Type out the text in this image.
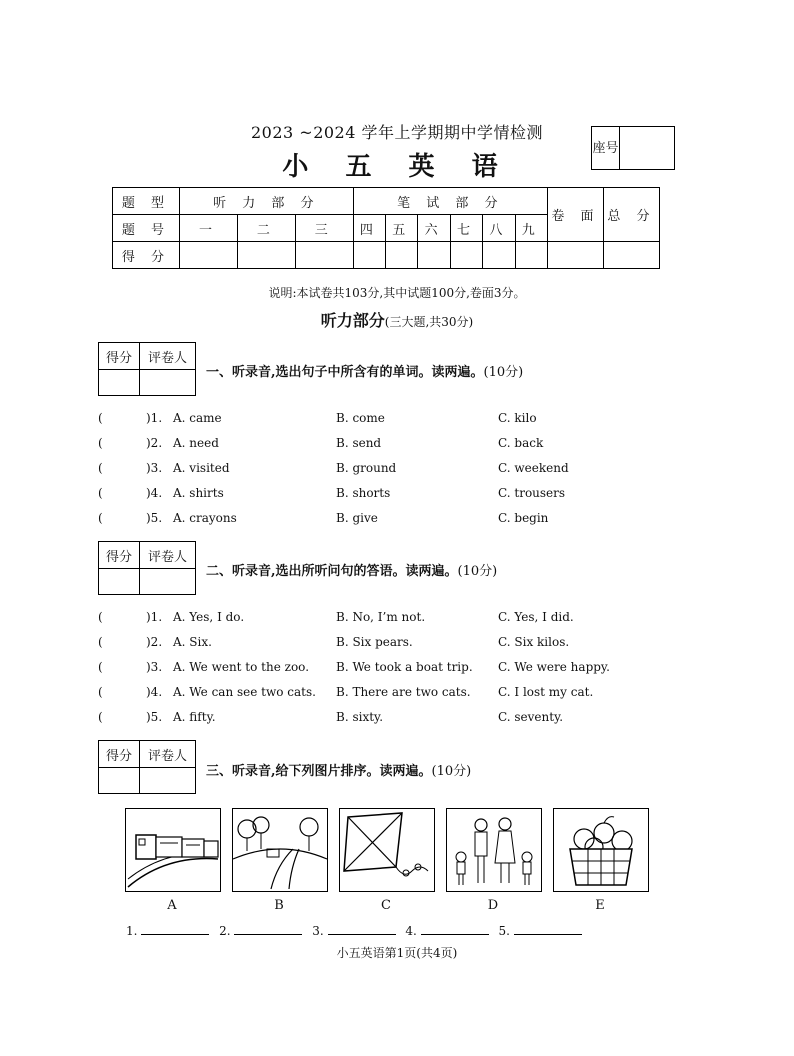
2023 ~2024 学年上学期期中学情检测
小 五 英 语
座号
题 型	听 力 部 分			笔 试 部 分						卷 面	总 分
题 号	一	二	三	四	五	六	七	八	九		
得 分											
说明:本试卷共103分,其中试题100分,卷面3分。
听力部分(三大题,共30分)
得分	评卷人
一、听录音,选出句子中所含有的单词。读两遍。(10分)
(	)1. A. came	B. come	C. kilo
(	)2. A. need	B. send	C. back
(	)3. A. visited	B. ground	C. weekend
(	)4. A. shirts	B. shorts	C. trousers
(	)5. A. crayons	B. give	C. begin
得分	评卷人
二、听录音,选出所听问句的答语。读两遍。(10分)
(	)1. A. Yes, I do.	B. No, I’m not.	C. Yes, I did.
(	)2. A. Six.	B. Six pears.	C. Six kilos.
(	)3. A. We went to the zoo. B. We took a boat trip. C. We were happy.
(	)4. A. We can see two cats. B. There are two cats. C. I lost my cat.
(	)5. A. fifty.	B. sixty.	C. seventy.
得分	评卷人
三、听录音,给下列图片排序。读两遍。(10分)
A	B	C	D	E
1.	2.	3.	4.	5.
小五英语第1页(共4页)
